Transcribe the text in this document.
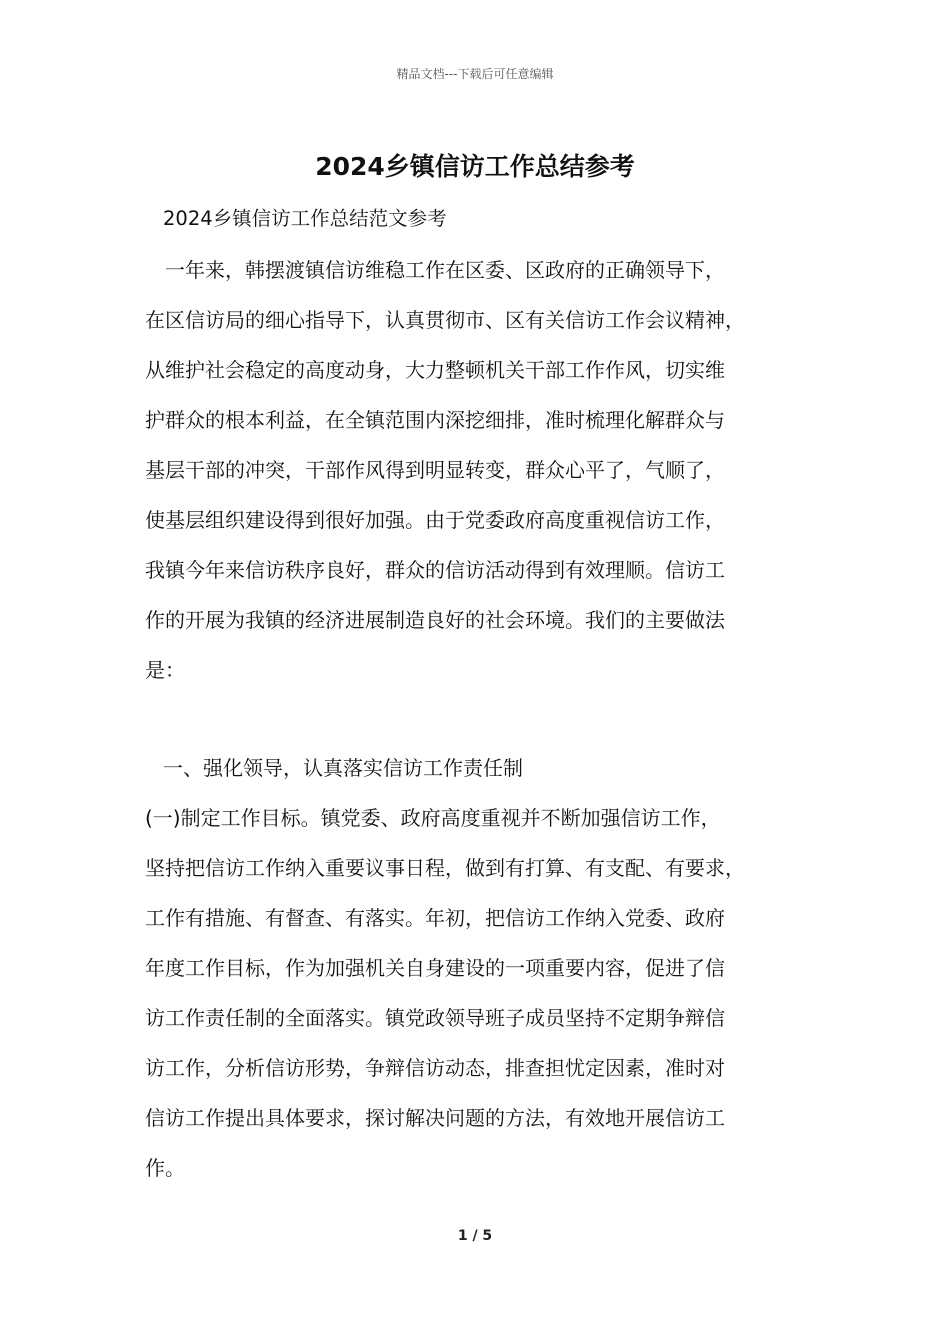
精品文档---下载后可任意编辑
2024乡镇信访工作总结参考
2024乡镇信访工作总结范文参考
　一年来，韩摆渡镇信访维稳工作在区委、区政府的正确领导下，
在区信访局的细心指导下，认真贯彻市、区有关信访工作会议精神，
从维护社会稳定的高度动身，大力整顿机关干部工作作风，切实维
护群众的根本利益，在全镇范围内深挖细排，准时梳理化解群众与
基层干部的冲突，干部作风得到明显转变，群众心平了，气顺了，
使基层组织建设得到很好加强。由于党委政府高度重视信访工作，
我镇今年来信访秩序良好，群众的信访活动得到有效理顺。信访工
作的开展为我镇的经济进展制造良好的社会环境。我们的主要做法
是：
一、强化领导，认真落实信访工作责任制
(一)制定工作目标。镇党委、政府高度重视并不断加强信访工作，
坚持把信访工作纳入重要议事日程，做到有打算、有支配、有要求，
工作有措施、有督查、有落实。年初，把信访工作纳入党委、政府
年度工作目标，作为加强机关自身建设的一项重要内容，促进了信
访工作责任制的全面落实。镇党政领导班子成员坚持不定期争辩信
访工作，分析信访形势，争辩信访动态，排查担忧定因素，准时对
信访工作提出具体要求，探讨解决问题的方法，有效地开展信访工
作。
1 / 5
